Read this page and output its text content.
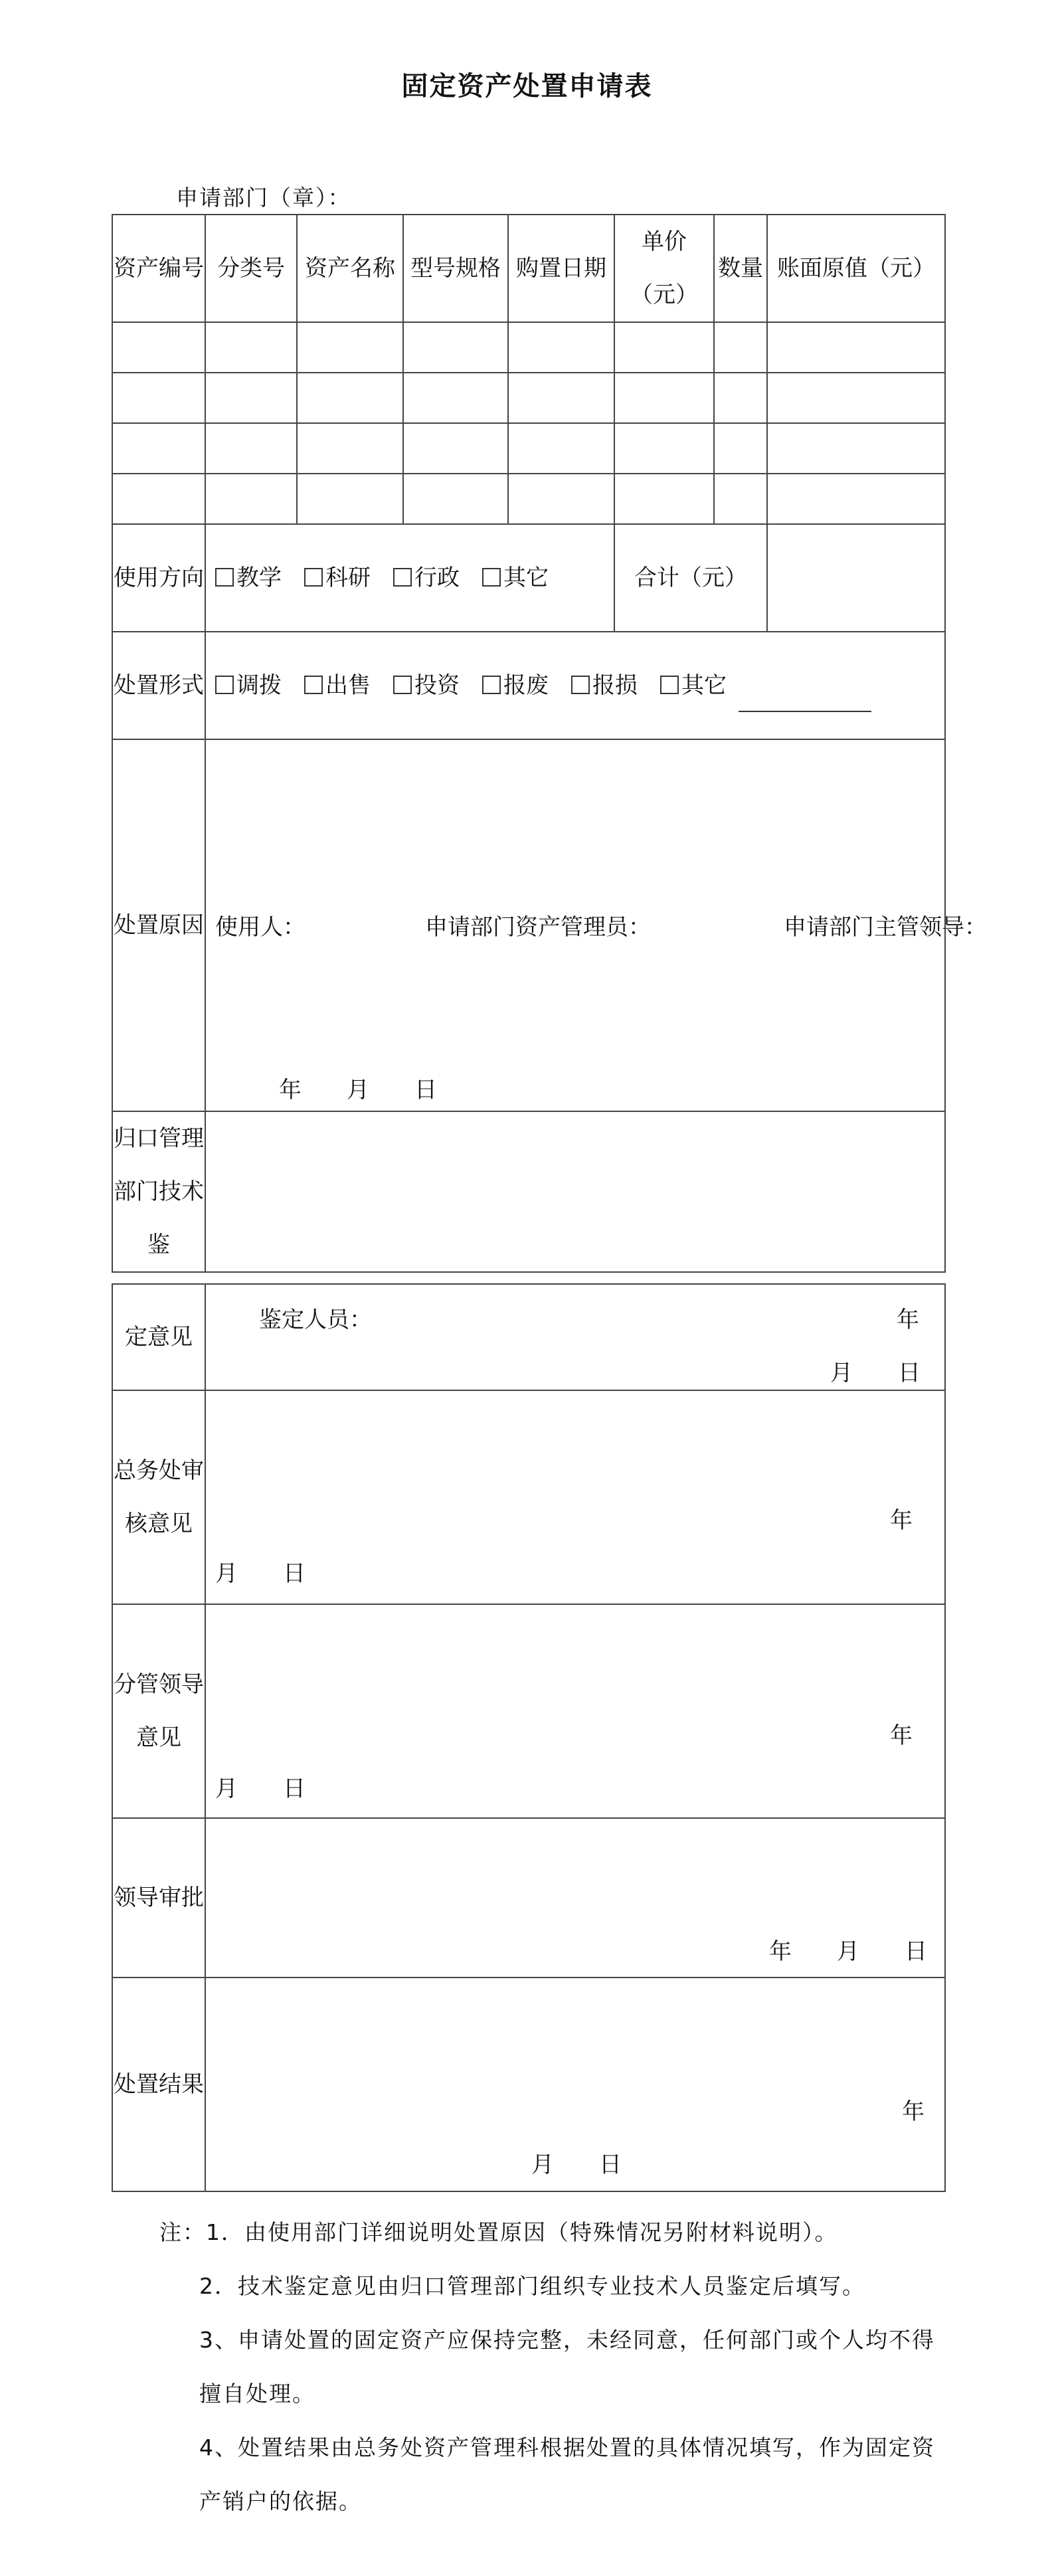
固定资产处置申请表
申请部门（章）：
资产编号	分类号	资产名称	型号规格	购置日期	单价（元）	数量	账面原值（元）

使用方向	教学 科研 行政 其它				合计（元）		
处置形式	调拨 出售 投资 报废 报损 其它						
处置原因	使用人： 申请部门资产管理员： 申请部门主管领导：
年　　月　　日						

归口管理部门技术鉴							
定意见	鉴定人员： 年
月　　日

总务处审核意见	年
月　　日

分管领导意见	年
月　　日

领导审批	年　　月　　日

处置结果	年
月　　日

注：1．由使用部门详细说明处置原因（特殊情况另附材料说明）。

2．技术鉴定意见由归口管理部门组织专业技术人员鉴定后填写。

3、申请处置的固定资产应保持完整，未经同意，任何部门或个人均不得擅自处理。

4、处置结果由总务处资产管理科根据处置的具体情况填写，作为固定资产销户的依据。
